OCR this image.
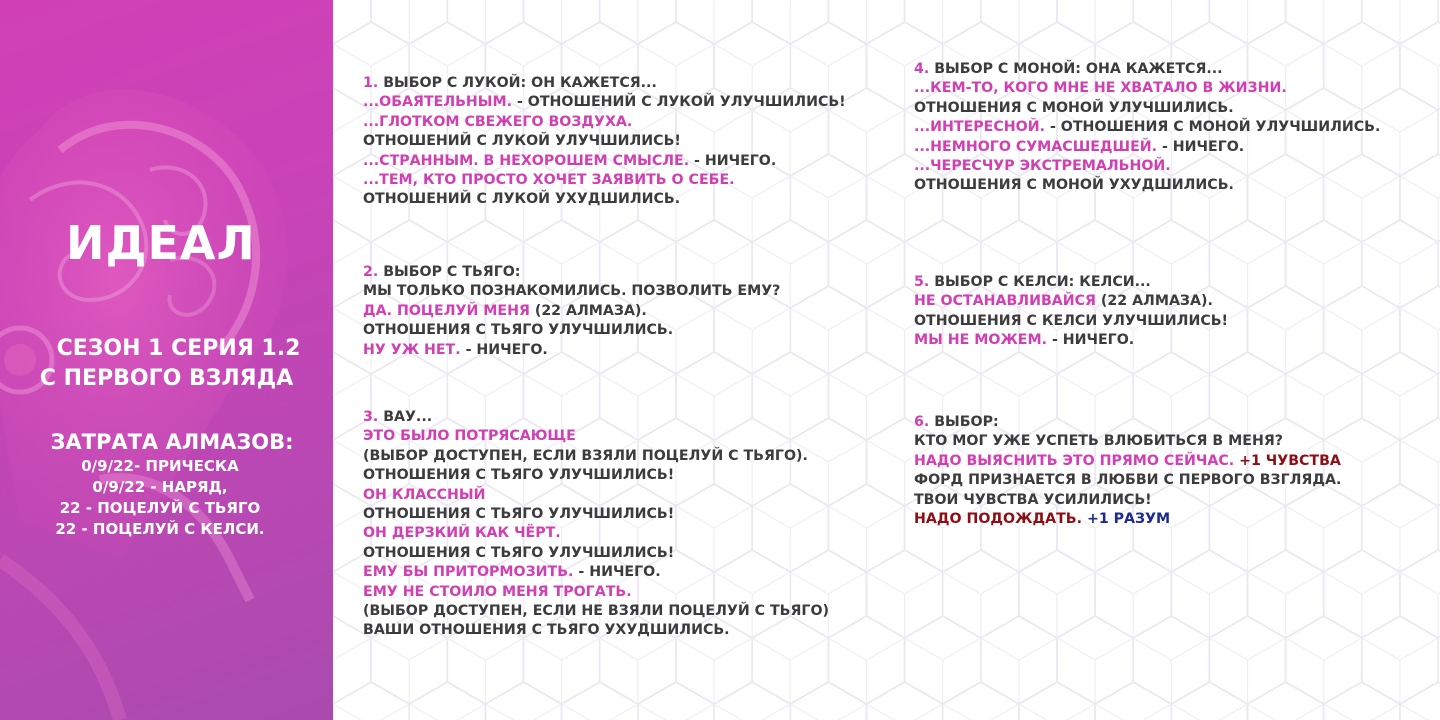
ИДЕАЛ
СЕЗОН 1 СЕРИЯ 1.2
С ПЕРВОГО ВЗЛЯДА
ЗАТРАТА АЛМАЗОВ:
0/9/22- ПРИЧЕСКА
0/9/22 - НАРЯД,
22 - ПОЦЕЛУЙ С ТЬЯГО
22 - ПОЦЕЛУЙ С КЕЛСИ.
1. ВЫБОР С ЛУКОЙ: ОН КАЖЕТСЯ...
...ОБАЯТЕЛЬНЫМ. - ОТНОШЕНИЙ С ЛУКОЙ УЛУЧШИЛИСЬ!
...ГЛОТКОМ СВЕЖЕГО ВОЗДУХА.
ОТНОШЕНИЙ С ЛУКОЙ УЛУЧШИЛИСЬ!
...СТРАННЫМ. В НЕХОРОШЕМ СМЫСЛЕ. - НИЧЕГО.
...ТЕМ, КТО ПРОСТО ХОЧЕТ ЗАЯВИТЬ О СЕБЕ.
ОТНОШЕНИЙ С ЛУКОЙ УХУДШИЛИСЬ.
2. ВЫБОР С ТЬЯГО:
МЫ ТОЛЬКО ПОЗНАКОМИЛИСЬ. ПОЗВОЛИТЬ ЕМУ?
ДА. ПОЦЕЛУЙ МЕНЯ (22 АЛМАЗА).
ОТНОШЕНИЯ С ТЬЯГО УЛУЧШИЛИСЬ.
НУ УЖ НЕТ. - НИЧЕГО.
3. ВАУ...
ЭТО БЫЛО ПОТРЯСАЮЩЕ
(ВЫБОР ДОСТУПЕН, ЕСЛИ ВЗЯЛИ ПОЦЕЛУЙ С ТЬЯГО).
ОТНОШЕНИЯ С ТЬЯГО УЛУЧШИЛИСЬ!
ОН КЛАССНЫЙ
ОТНОШЕНИЯ С ТЬЯГО УЛУЧШИЛИСЬ!
ОН ДЕРЗКИЙ КАК ЧЁРТ.
ОТНОШЕНИЯ С ТЬЯГО УЛУЧШИЛИСЬ!
ЕМУ БЫ ПРИТОРМОЗИТЬ. - НИЧЕГО.
ЕМУ НЕ СТОИЛО МЕНЯ ТРОГАТЬ.
(ВЫБОР ДОСТУПЕН, ЕСЛИ НЕ ВЗЯЛИ ПОЦЕЛУЙ С ТЬЯГО)
ВАШИ ОТНОШЕНИЯ С ТЬЯГО УХУДШИЛИСЬ.
4. ВЫБОР С МОНОЙ: ОНА КАЖЕТСЯ...
...КЕМ-ТО, КОГО МНЕ НЕ ХВАТАЛО В ЖИЗНИ.
ОТНОШЕНИЯ С МОНОЙ УЛУЧШИЛИСЬ.
...ИНТЕРЕСНОЙ. - ОТНОШЕНИЯ С МОНОЙ УЛУЧШИЛИСЬ.
...НЕМНОГО СУМАСШЕДШЕЙ. - НИЧЕГО.
...ЧЕРЕСЧУР ЭКСТРЕМАЛЬНОЙ.
ОТНОШЕНИЯ С МОНОЙ УХУДШИЛИСЬ.
5. ВЫБОР С КЕЛСИ: КЕЛСИ...
НЕ ОСТАНАВЛИВАЙСЯ (22 АЛМАЗА).
ОТНОШЕНИЯ С КЕЛСИ УЛУЧШИЛИСЬ!
МЫ НЕ МОЖЕМ. - НИЧЕГО.
6. ВЫБОР:
КТО МОГ УЖЕ УСПЕТЬ ВЛЮБИТЬСЯ В МЕНЯ?
НАДО ВЫЯСНИТЬ ЭТО ПРЯМО СЕЙЧАС. +1 ЧУВСТВА
ФОРД ПРИЗНАЕТСЯ В ЛЮБВИ С ПЕРВОГО ВЗГЛЯДА.
ТВОИ ЧУВСТВА УСИЛИЛИСЬ!
НАДО ПОДОЖДАТЬ. +1 РАЗУМ
